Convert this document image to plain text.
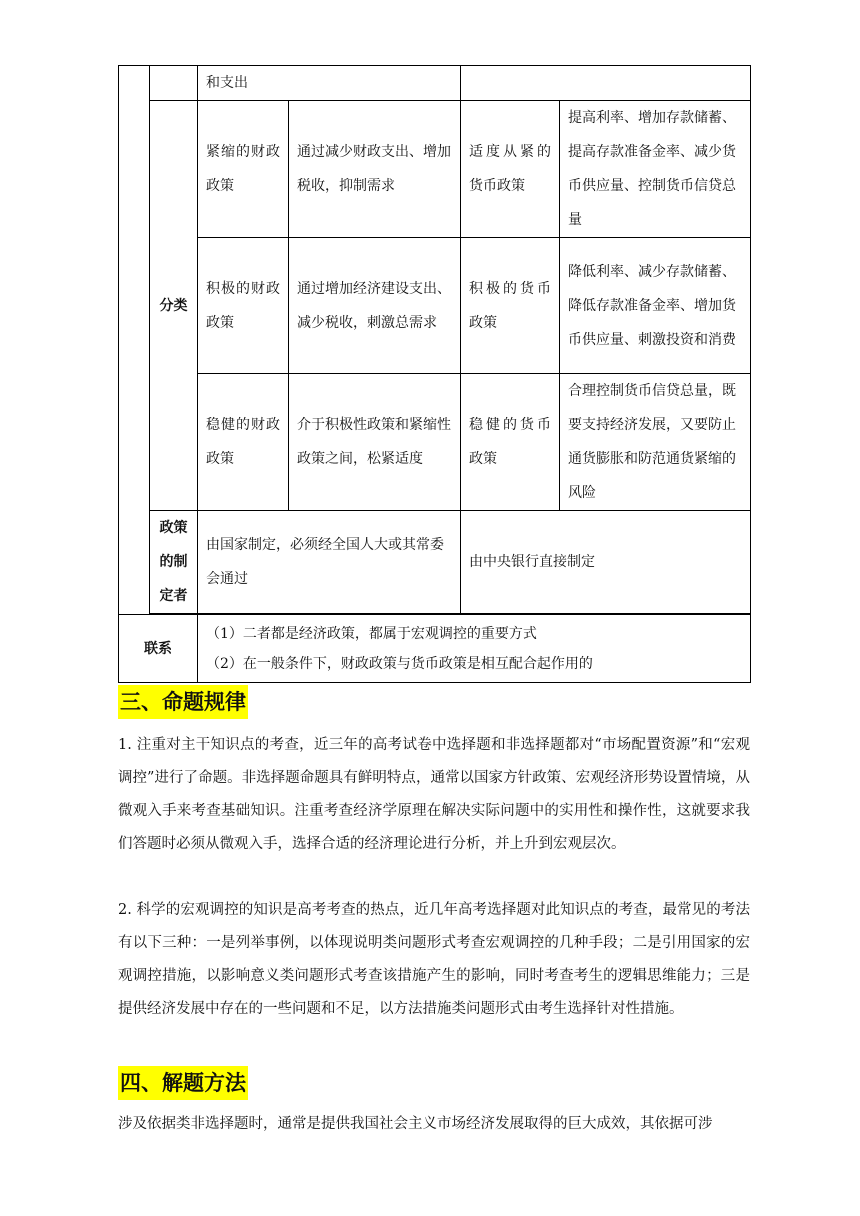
		和支出			
	分类	紧缩的财政政策	通过减少财政支出、增加税收，抑制需求	适度从紧的货币政策	提高利率、增加存款储蓄、提高存款准备金率、减少货币供应量、控制货币信贷总量
		积极的财政政策	通过增加经济建设支出、减少税收，刺激总需求	积极的货币政策	降低利率、减少存款储蓄、降低存款准备金率、增加货币供应量、刺激投资和消费
		稳健的财政政策	介于积极性政策和紧缩性政策之间，松紧适度	稳健的货币政策	合理控制货币信贷总量，既要支持经济发展，又要防止通货膨胀和防范通货紧缩的风险
	政策的制定者	由国家制定，必须经全国人大或其常委会通过		由中央银行直接制定	

联系		（1）二者都是经济政策，都属于宏观调控的重要方式
（2）在一般条件下，财政政策与货币政策是相互配合起作用的			
三、命题规律
1. 注重对主干知识点的考查，近三年的高考试卷中选择题和非选择题都对“市场配置资源”和“宏观调控”进行了命题。非选择题命题具有鲜明特点，通常以国家方针政策、宏观经济形势设置情境，从微观入手来考查基础知识。注重考查经济学原理在解决实际问题中的实用性和操作性，这就要求我们答题时必须从微观入手，选择合适的经济理论进行分析，并上升到宏观层次。
2. 科学的宏观调控的知识是高考考查的热点，近几年高考选择题对此知识点的考查，最常见的考法有以下三种：一是列举事例，以体现说明类问题形式考查宏观调控的几种手段；二是引用国家的宏观调控措施，以影响意义类问题形式考查该措施产生的影响，同时考查考生的逻辑思维能力；三是提供经济发展中存在的一些问题和不足，以方法措施类问题形式由考生选择针对性措施。
四、解题方法
涉及依据类非选择题时，通常是提供我国社会主义市场经济发展取得的巨大成效，其依据可涉
